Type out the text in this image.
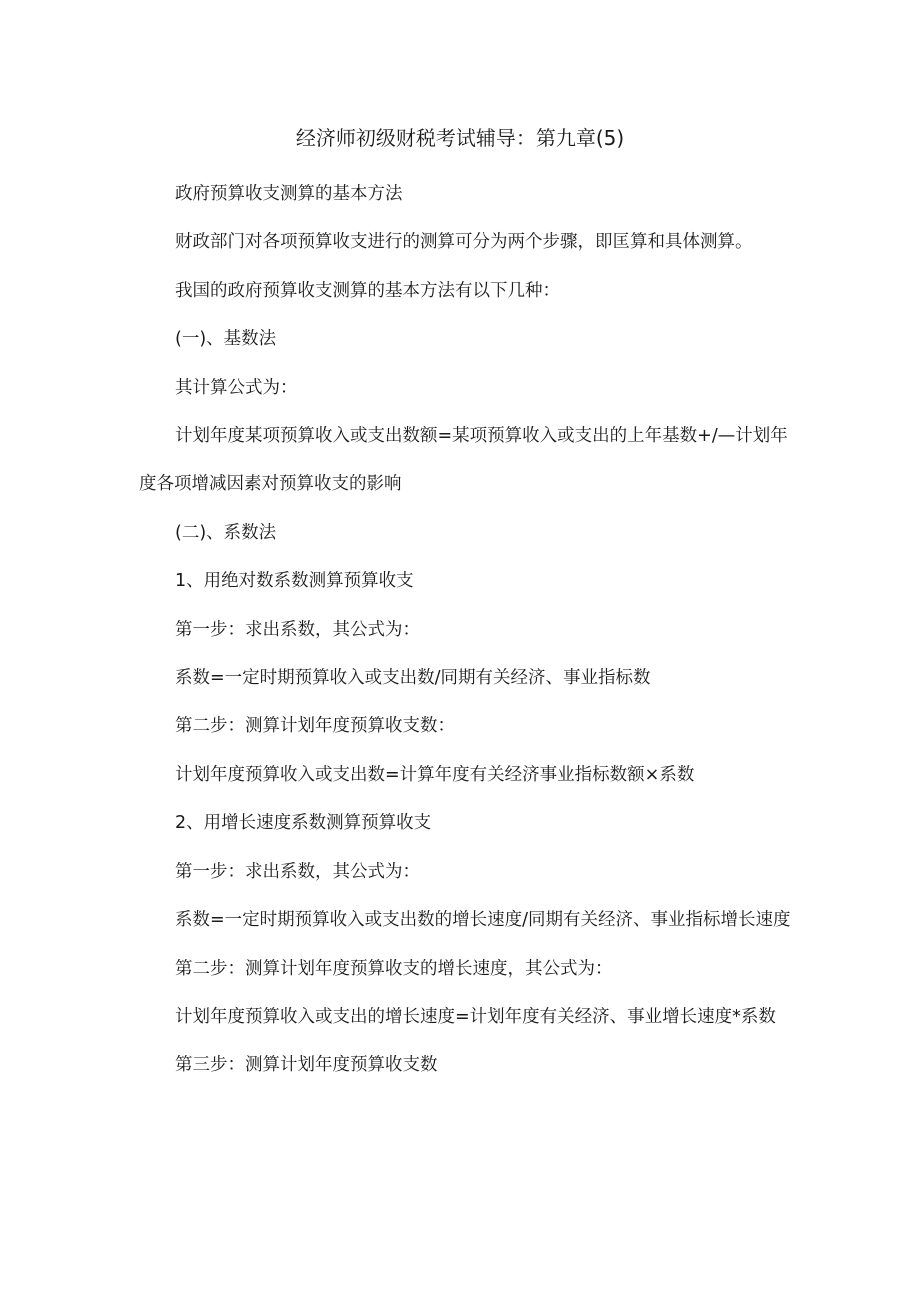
经济师初级财税考试辅导：第九章(5)

政府预算收支测算的基本方法

财政部门对各项预算收支进行的测算可分为两个步骤，即匡算和具体测算。

我国的政府预算收支测算的基本方法有以下几种：

(一)、基数法

其计算公式为：

计划年度某项预算收入或支出数额=某项预算收入或支出的上年基数+/—计划年度各项增减因素对预算收支的影响

(二)、系数法

1、用绝对数系数测算预算收支

第一步：求出系数，其公式为：

系数=一定时期预算收入或支出数/同期有关经济、事业指标数

第二步：测算计划年度预算收支数：

计划年度预算收入或支出数=计算年度有关经济事业指标数额×系数

2、用增长速度系数测算预算收支

第一步：求出系数，其公式为：

系数=一定时期预算收入或支出数的增长速度/同期有关经济、事业指标增长速度

第二步：测算计划年度预算收支的增长速度，其公式为：

计划年度预算收入或支出的增长速度=计划年度有关经济、事业增长速度*系数

第三步：测算计划年度预算收支数
